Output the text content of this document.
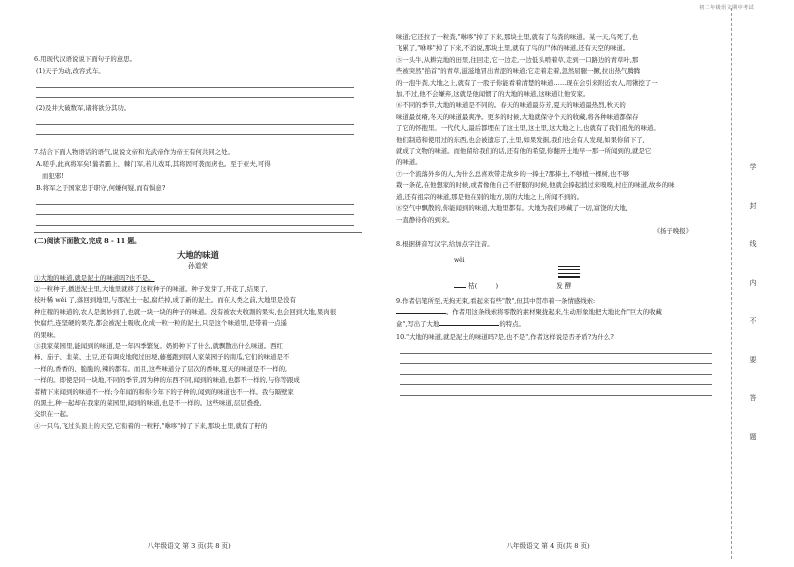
初二年级语文期中考试

6.用现代汉语说说下面句子的意思。

(1)天子为动,改容式车。

(2)及井大破数军,诸将欲分其功。

7.结合下面人物语话的语气,说说文帝和光武帝作为帝王有何共同之处。

A.嗟乎,此真将军矣!曩者霸上、棘门军,若儿戏耳,其将固可袭而虏也。至于亚夫,可得

而犯邪!

B.将军之于国家忠于职守,何嫌何疑,而有惧意?

(二)阅读下面散文,完成 8 - 11 题。

大地的味道

孙道荣

①大地的味道,就是泥土的味道吗?也不是。

②一粒种子,播进泥土里,大地里就移了这粒种子的味道。种子发芽了,开花了,结果了,

枝叶稀 wěi 了,落回到地里,与那泥土一起,腐烂掉,成了新的泥土。而在人类之前,大地里是没有

种庄稼的味道的,农人是奥妙到了,也就一块一块的种子的味道。没有被农夫收割的果实,也会回到大地,果肉很

快腐烂,连坚硬的果壳,都会被泥土吸收,化成一粒一粒的泥土,只是这个味道里,是带着一点遥

的果味。

③我家菜园里,能闻到的味道,是一年四季繁复。奶奶种下了什么,就飘散出什么味道。西红

柿、茄子、韭菜、土豆,还有调皮地爬过田埂,藤蔓跑到别人家菜园子的南瓜,它们的味道是不

一样的,香香的、脆脆的,辣的都有。而且,这些味道分了层次的香味,夏天的味道是不一样的,

一样的。即使是同一块地,不同的季节,因为种的东西不同,闻到的味道,也都不一样的,与你等跟成

者精下来闻到的味道不一样;今年闻的和你今年下的子种的,闻到的味道也不一样。我与隔壁家

的黑土,种一起却在我家的菜园里,闻到的味道,也是不一样的。这些味道,层层叠叠,

交织在一起。

④一只鸟,飞过头顶上的天空,它衔着的一粒籽,"咻哆"掉了下来,那块土里,就有了籽的

八年级语文 第 3 页(共 8 页)

味道;它还拉了一粒粪,"咻哆"掉了下来,那块土里,就有了鸟粪的味道。某一天,鸟死了,也

飞累了,"咻哆"掉了下来,不消说,那块土里,就有了鸟的尸体的味道,还有天空的味道。

⑤一头牛,从耕完地的田里,往回走,它一边走,一边低头啃着草,走到一口路边的青草叶,那

些被突然"掐首"的青草,滋滋地冒出青涩的味道;它走着走着,忽然屈腿一撅,拉出热气腾腾

的一泡牛粪,大地之上,就有了一股子你能看着清楚的味道……现在会引来附近农人,用锹挖了一

加,不过,他不会嫌弃,这就是他闻惯了的大地的味道,这味道让他安家。

⑥不同的季节,大地的味道是不同的。春天的味道最芬芳,夏天的味道最热烈,秋天的

味道最贫瘠,冬天的味道最爽净。更多的时候,大地就保守个天的收藏,将各种味道都保存

了它的怀抱里。一代代人,最后都埋在了这土里,这土里,这大地之上,也就有了我们祖先的味道。

他们制造和使用过的东西,也会被遗忘了,土里,如果发掘,我们也会有人发现,如果你留下了,

就成了文物的味道。而他留给我们的话,还有他的希望,你翻开土地早一那一所闻到的,就是它

的味道。

⑦一个流落外乡的人,为什么总喜欢带走故乡的一捧土?那捧土,不够植一棵树,也不够

栽一条花,在他想家的时候,或者像他自己不舒服的时候,他就会捧起捎过来嗅嗅,村庄的味道,故乡的味

道,还有祖宗的味道,那是他在别的地方,别的大地之上,所闻不到的。

⑧空气中飘散的,你能闻到的味道,大地里都有。大地为我们珍藏了一切,富饶的大地,

一直静待你的到来。

《扬子晚报》

8.根据拼音写汉字,给加点字注音。

wěi
枯(	)	发 酵

9.作者信笔所至,无拘无束,看起来有些"散",但其中贯串着一条情感线索:

。作者用这条线索将零散的素材聚拢起来,生动形象地把大地比作"巨大的收藏

盒",写出了大地	的特点。

10."大地的味道,就是泥土的味道吗?是,也不是",作者这样说是否矛盾?为什么?

八年级语文 第 4 页(共 8 页)
学
封
线
内
不
要
答
题
